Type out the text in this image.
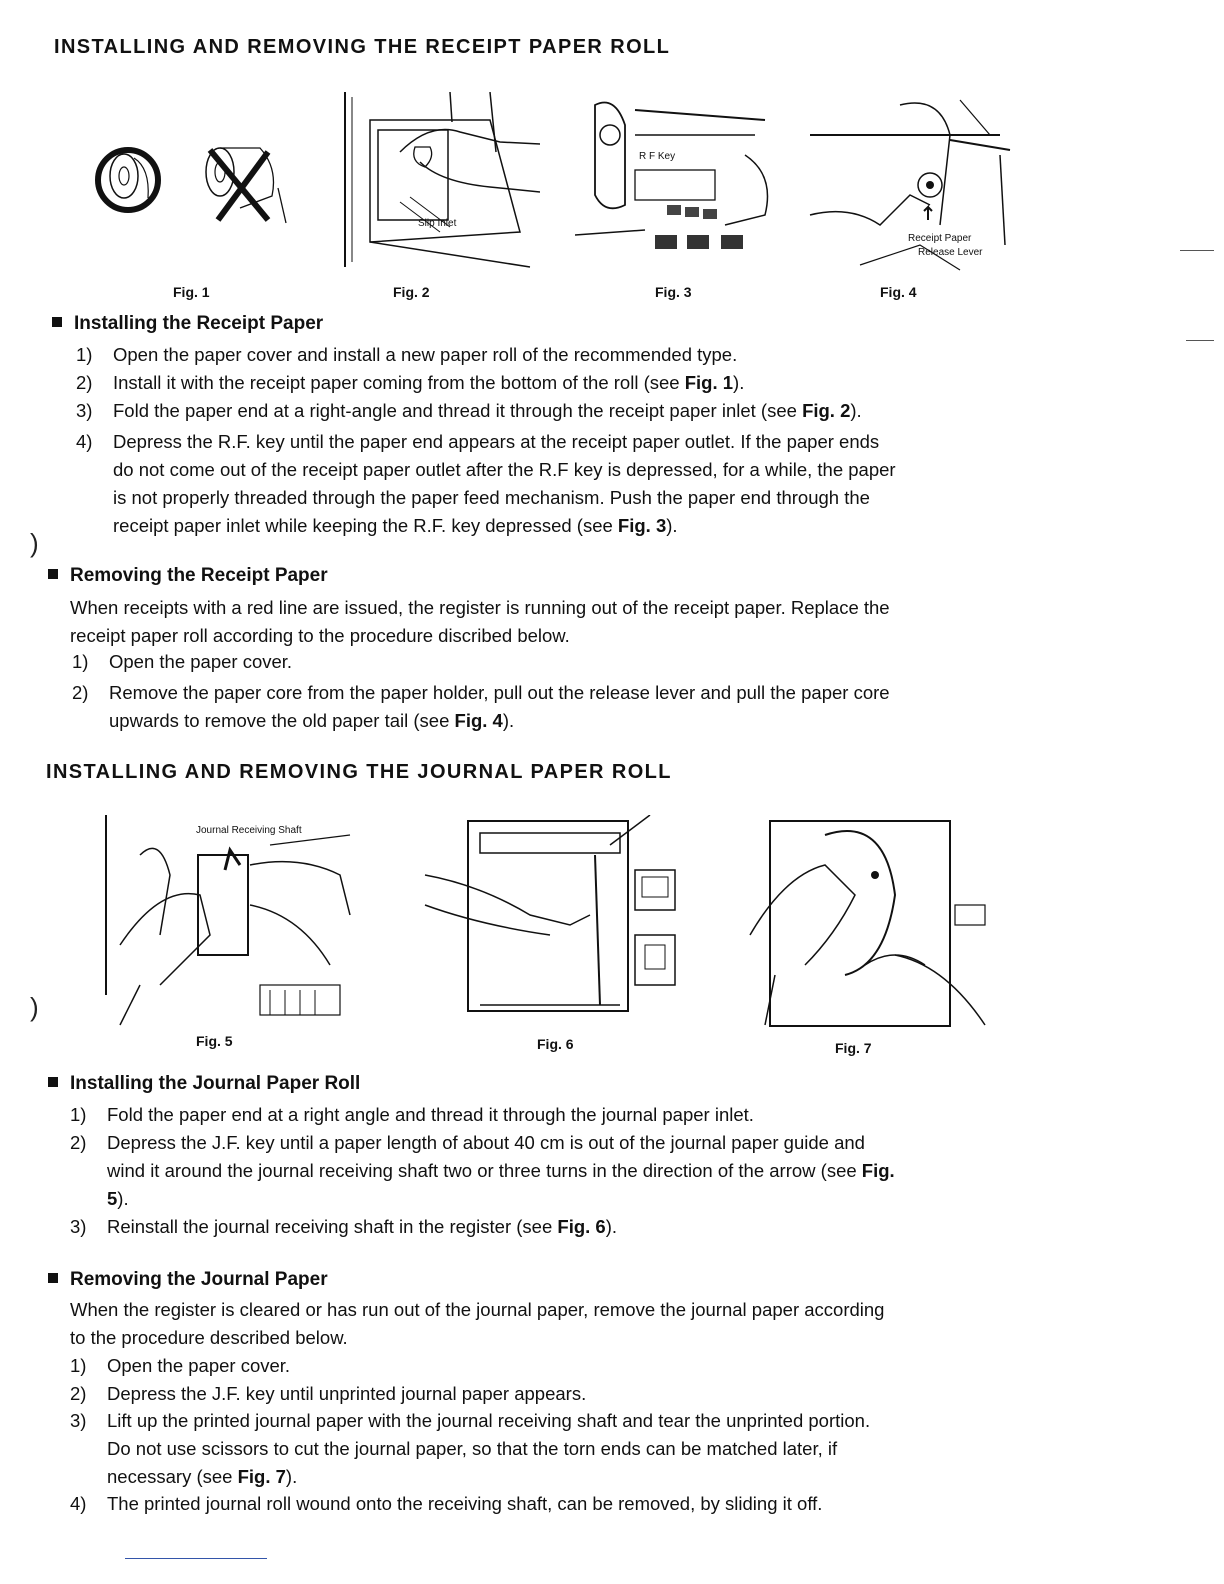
INSTALLING AND REMOVING THE RECEIPT PAPER ROLL
Fig. 1
Slip Inlet
Fig. 2
R F Key
Fig. 3
Receipt Paper
Release Lever
Fig. 4
Installing the Receipt Paper
1) Open the paper cover and install a new paper roll of the recommended type.
2) Install it with the receipt paper coming from the bottom of the roll (see Fig. 1).
3) Fold the paper end at a right-angle and thread it through the receipt paper inlet (see Fig. 2).
4) Depress the R.F. key until the paper end appears at the receipt paper outlet. If the paper ends
do not come out of the receipt paper outlet after the R.F key is depressed, for a while, the paper
is not properly threaded through the paper feed mechanism. Push the paper end through the
receipt paper inlet while keeping the R.F. key depressed (see Fig. 3).
)
Removing the Receipt Paper
When receipts with a red line are issued, the register is running out of the receipt paper. Replace the
receipt paper roll according to the procedure discribed below.
1) Open the paper cover.
2) Remove the paper core from the paper holder, pull out the release lever and pull the paper core
upwards to remove the old paper tail (see Fig. 4).
INSTALLING AND REMOVING THE JOURNAL PAPER ROLL
Journal Receiving Shaft
Fig. 5	Fig. 6	Fig. 7
)
Installing the Journal Paper Roll
1) Fold the paper end at a right angle and thread it through the journal paper inlet.
2) Depress the J.F. key until a paper length of about 40 cm is out of the journal paper guide and
wind it around the journal receiving shaft two or three turns in the direction of the arrow (see Fig.
5).
3) Reinstall the journal receiving shaft in the register (see Fig. 6).
Removing the Journal Paper
When the register is cleared or has run out of the journal paper, remove the journal paper according
to the procedure described below.
1) Open the paper cover.
2) Depress the J.F. key until unprinted journal paper appears.
3) Lift up the printed journal paper with the journal receiving shaft and tear the unprinted portion.
Do not use scissors to cut the journal paper, so that the torn ends can be matched later, if
necessary (see Fig. 7).
4) The printed journal roll wound onto the receiving shaft, can be removed, by sliding it off.
